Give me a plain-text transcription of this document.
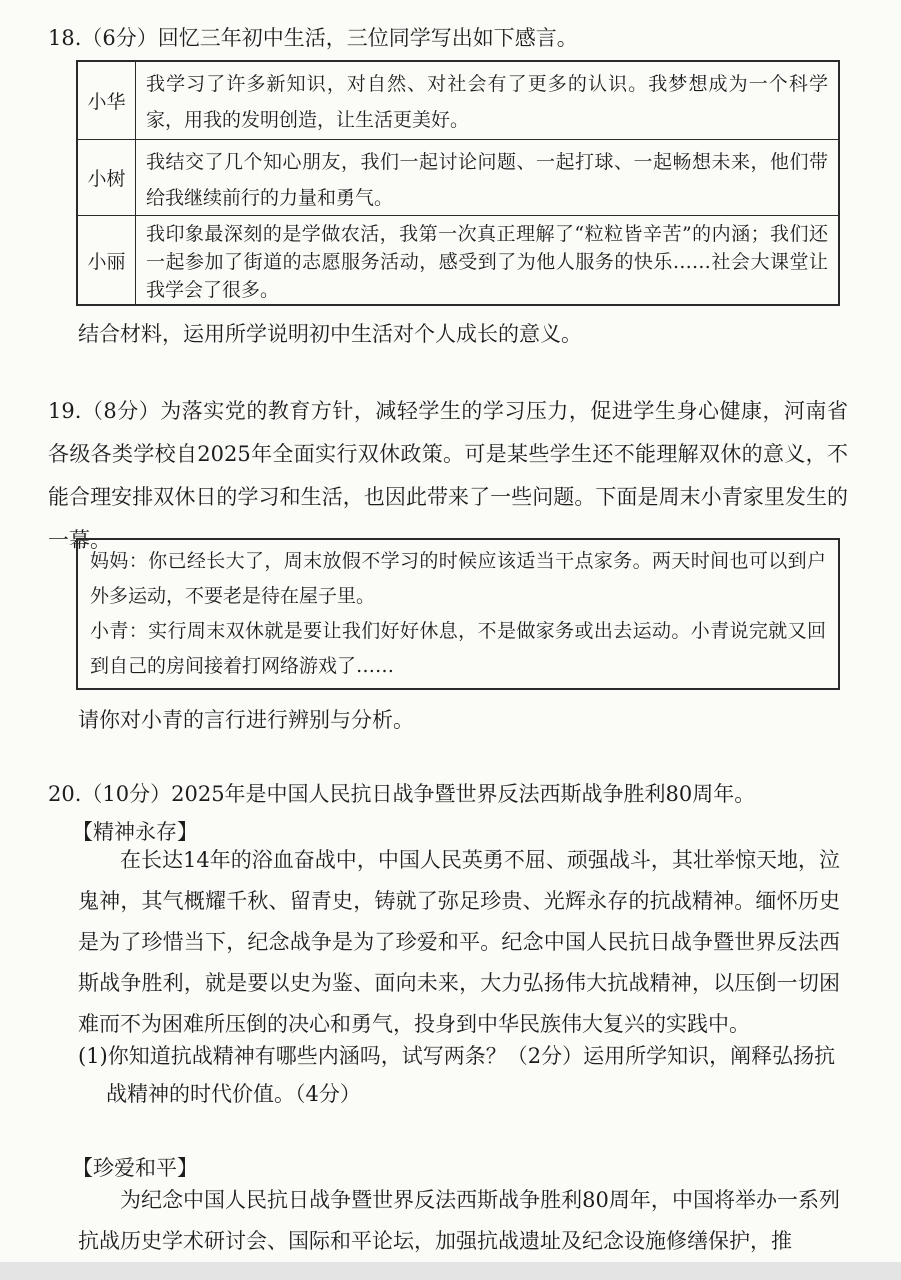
18.（6分）回忆三年初中生活，三位同学写出如下感言。
小华
我学习了许多新知识，对自然、对社会有了更多的认识。我梦想成为一个科学家，用我的发明创造，让生活更美好。
小树
我结交了几个知心朋友，我们一起讨论问题、一起打球、一起畅想未来，他们带给我继续前行的力量和勇气。
小丽
我印象最深刻的是学做农活，我第一次真正理解了“粒粒皆辛苦”的内涵；我们还一起参加了街道的志愿服务活动，感受到了为他人服务的快乐……社会大课堂让我学会了很多。
结合材料，运用所学说明初中生活对个人成长的意义。
19.（8分）为落实党的教育方针，减轻学生的学习压力，促进学生身心健康，河南省各级各类学校自2025年全面实行双休政策。可是某些学生还不能理解双休的意义，不能合理安排双休日的学习和生活，也因此带来了一些问题。下面是周末小青家里发生的一幕。

妈妈：你已经长大了，周末放假不学习的时候应该适当干点家务。两天时间也可以到户外多运动，不要老是待在屋子里。

小青：实行周末双休就是要让我们好好休息，不是做家务或出去运动。小青说完就又回到自己的房间接着打网络游戏了……

请你对小青的言行进行辨别与分析。
20.（10分）2025年是中国人民抗日战争暨世界反法西斯战争胜利80周年。
【精神永存】
在长达14年的浴血奋战中，中国人民英勇不屈、顽强战斗，其壮举惊天地，泣鬼神，其气概耀千秋、留青史，铸就了弥足珍贵、光辉永存的抗战精神。缅怀历史是为了珍惜当下，纪念战争是为了珍爱和平。纪念中国人民抗日战争暨世界反法西斯战争胜利，就是要以史为鉴、面向未来，大力弘扬伟大抗战精神，以压倒一切困难而不为困难所压倒的决心和勇气，投身到中华民族伟大复兴的实践中。
(1)你知道抗战精神有哪些内涵吗，试写两条？（2分）运用所学知识，阐释弘扬抗
战精神的时代价值。（4分）
【珍爱和平】
为纪念中国人民抗日战争暨世界反法西斯战争胜利80周年，中国将举办一系列抗战历史学术研讨会、国际和平论坛，加强抗战遗址及纪念设施修缮保护，推
